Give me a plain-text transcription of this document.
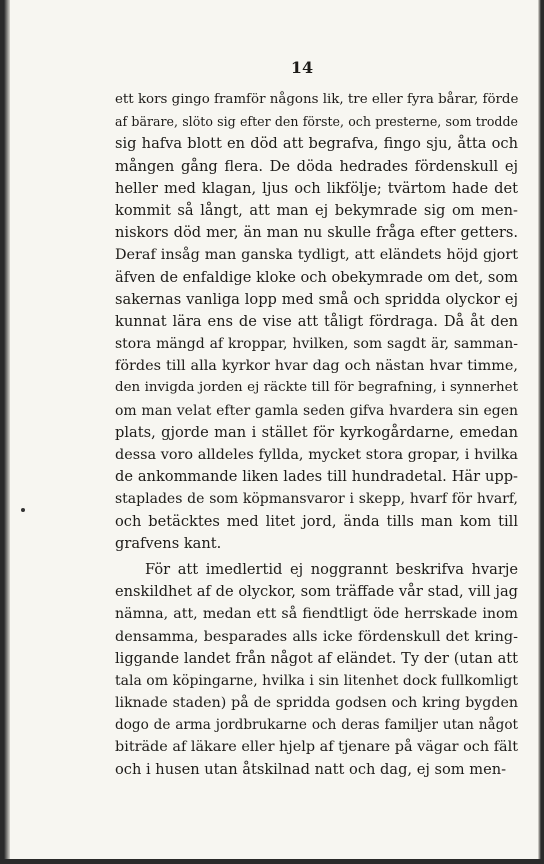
14
ett kors gingo framför någons lik, tre eller fyra bårar, förde
af bärare, slöto sig efter den förste, och presterne, som trodde
sig hafva blott en död att begrafva, fingo sju, åtta och
mången gång flera. De döda hedrades fördenskull ej
heller med klagan, ljus och likfölje; tvärtom hade det
kommit så långt, att man ej bekymrade sig om men-
niskors död mer, än man nu skulle fråga efter getters.
Deraf insåg man ganska tydligt, att eländets höjd gjort
äfven de enfaldige kloke och obekymrade om det, som
sakernas vanliga lopp med små och spridda olyckor ej
kunnat lära ens de vise att tåligt fördraga. Då åt den
stora mängd af kroppar, hvilken, som sagdt är, samman-
fördes till alla kyrkor hvar dag och nästan hvar timme,
den invigda jorden ej räckte till för begrafning, i synnerhet
om man velat efter gamla seden gifva hvardera sin egen
plats, gjorde man i stället för kyrkogårdarne, emedan
dessa voro alldeles fyllda, mycket stora gropar, i hvilka
de ankommande liken lades till hundradetal. Här upp-
staplades de som köpmansvaror i skepp, hvarf för hvarf,
och betäcktes med litet jord, ända tills man kom till
grafvens kant.
För att imedlertid ej noggrannt beskrifva hvarje
enskildhet af de olyckor, som träffade vår stad, vill jag
nämna, att, medan ett så fiendtligt öde herrskade inom
densamma, besparades alls icke fördenskull det kring-
liggande landet från något af eländet. Ty der (utan att
tala om köpingarne, hvilka i sin litenhet dock fullkomligt
liknade staden) på de spridda godsen och kring bygden
dogo de arma jordbrukarne och deras familjer utan något
biträde af läkare eller hjelp af tjenare på vägar och fält
och i husen utan åtskilnad natt och dag, ej som men-
